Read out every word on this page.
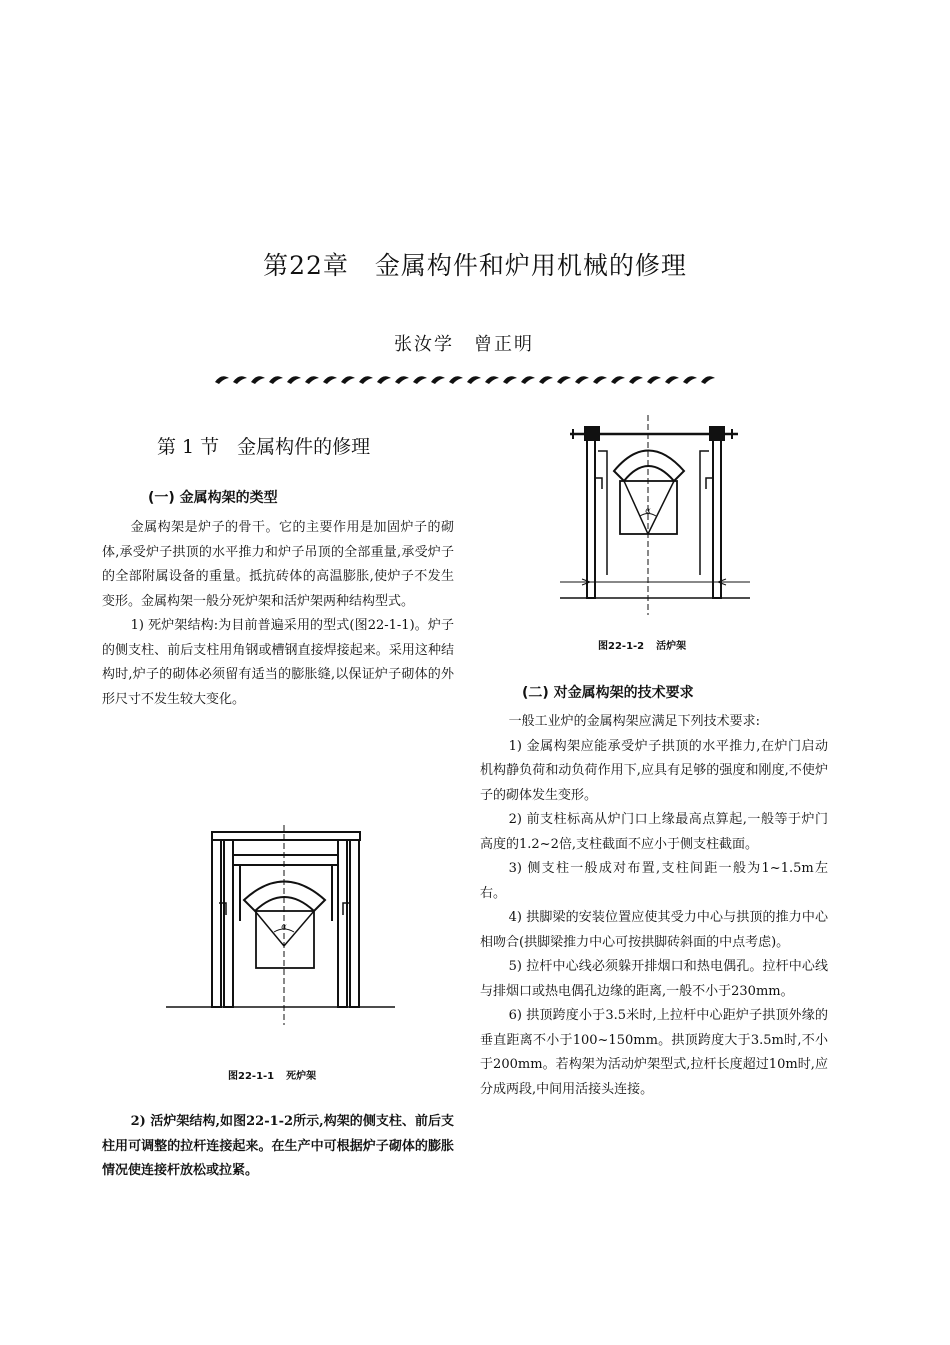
第22章 金属构件和炉用机械的修理
张汝学 曾正明
第 1 节 金属构件的修理
(一) 金属构架的类型

金属构架是炉子的骨干。它的主要作用是加固炉子的砌体,承受炉子拱顶的水平推力和炉子吊顶的全部重量,承受炉子的全部附属设备的重量。抵抗砖体的高温膨胀,使炉子不发生变形。金属构架一般分死炉架和活炉架两种结构型式。

1) 死炉架结构:为目前普遍采用的型式(图22-1-1)。炉子的侧支柱、前后支柱用角钢或槽钢直接焊接起来。采用这种结构时,炉子的砌体必须留有适当的膨胀缝,以保证炉子砌体的外形尺寸不发生较大变化。

α
图22-1-1 死炉架

2) 活炉架结构,如图22-1-2所示,构架的侧支柱、前后支柱用可调整的拉杆连接起来。在生产中可根据炉子砌体的膨胀情况使连接杆放松或拉紧。

α
图22-1-2 活炉架
(二) 对金属构架的技术要求

一般工业炉的金属构架应满足下列技术要求:

1) 金属构架应能承受炉子拱顶的水平推力,在炉门启动机构静负荷和动负荷作用下,应具有足够的强度和刚度,不使炉子的砌体发生变形。

2) 前支柱标高从炉门口上缘最高点算起,一般等于炉门高度的1.2~2倍,支柱截面不应小于侧支柱截面。

3) 侧支柱一般成对布置,支柱间距一般为1~1.5m左右。

4) 拱脚梁的安装位置应使其受力中心与拱顶的推力中心相吻合(拱脚梁推力中心可按拱脚砖斜面的中点考虑)。

5) 拉杆中心线必须躲开排烟口和热电偶孔。拉杆中心线与排烟口或热电偶孔边缘的距离,一般不小于230mm。

6) 拱顶跨度小于3.5米时,上拉杆中心距炉子拱顶外缘的垂直距离不小于100~150mm。拱顶跨度大于3.5m时,不小于200mm。若构架为活动炉架型式,拉杆长度超过10m时,应分成两段,中间用活接头连接。
